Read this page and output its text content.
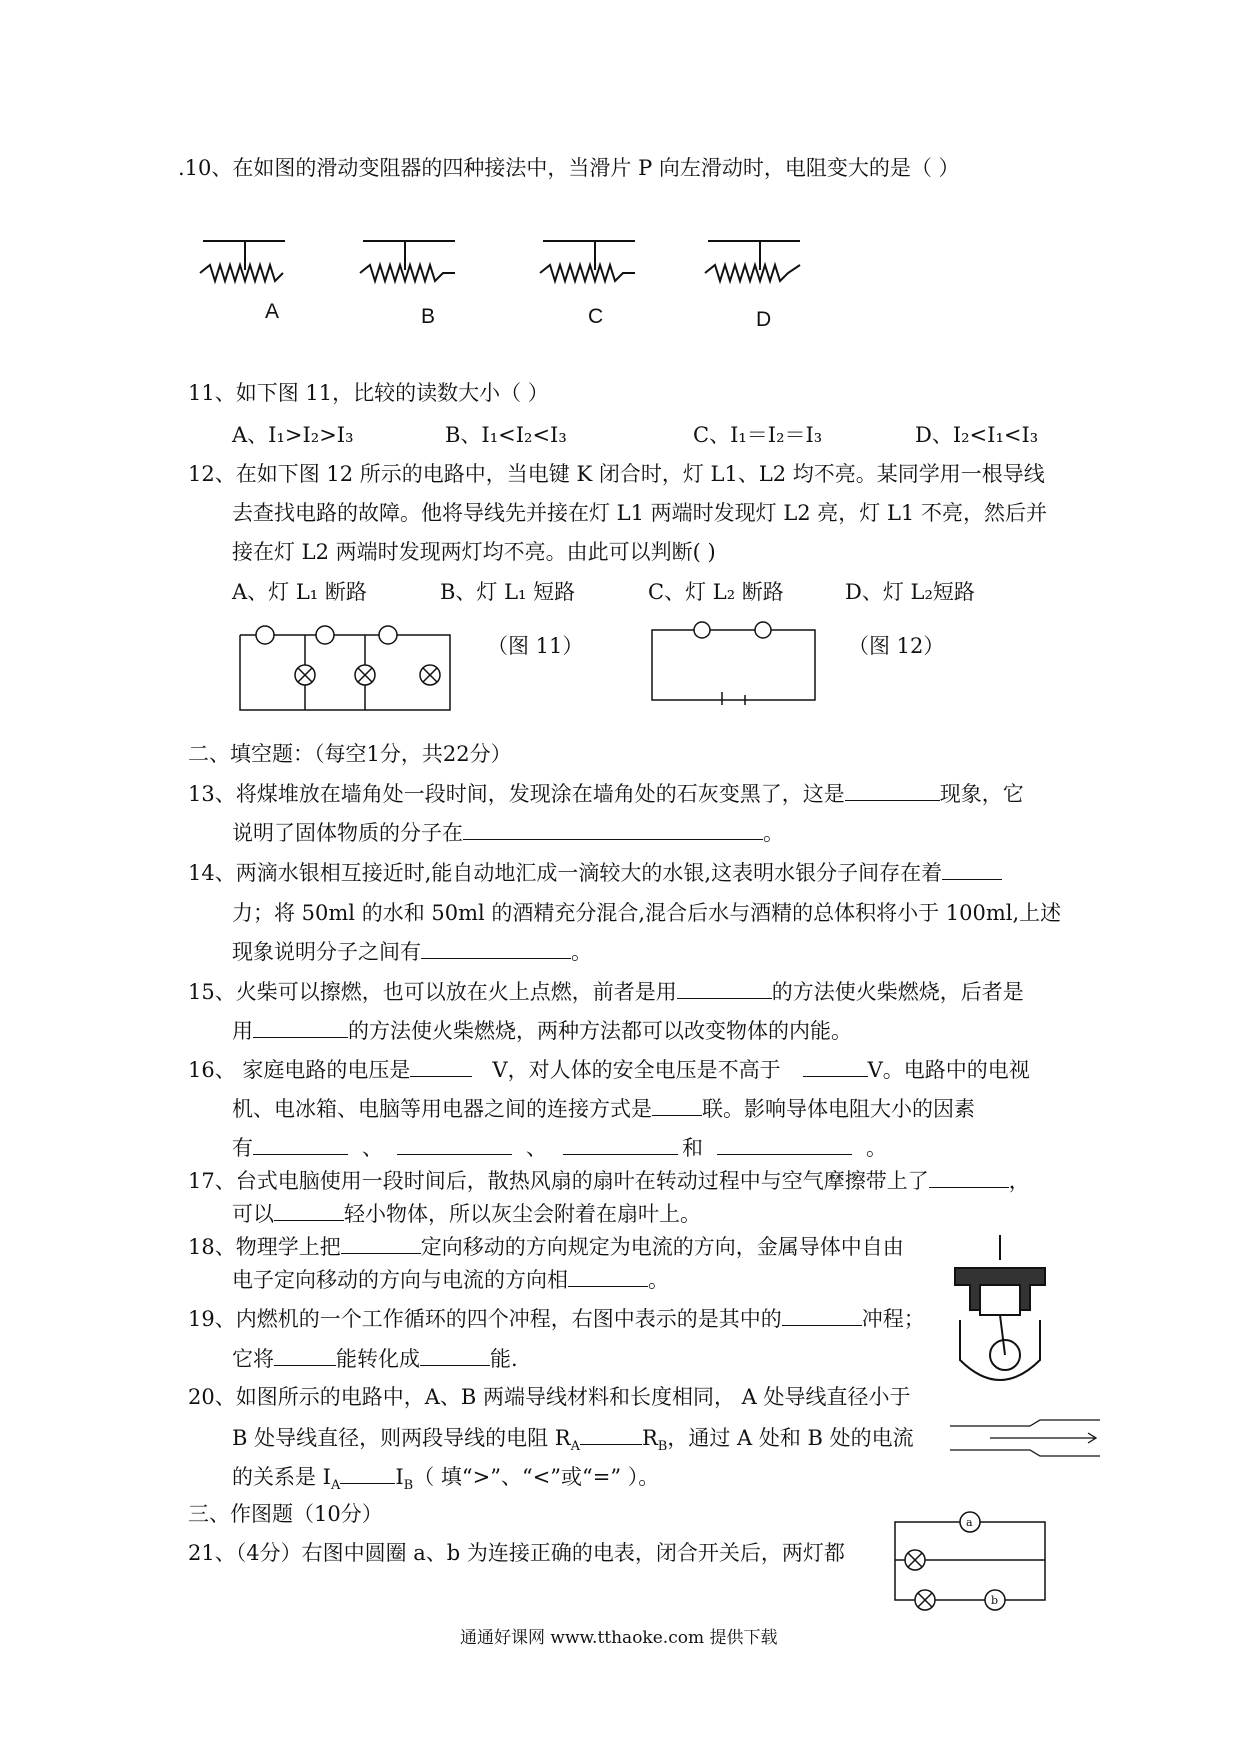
.10、在如图的滑动变阻器的四种接法中，当滑片 P 向左滑动时，电阻变大的是（ ）
A	B	C	D
11、如下图 11，比较的读数大小（ ）
A、I₁>I₂>I₃	B、I₁<I₂<I₃	C、I₁＝I₂＝I₃	D、I₂<I₁<I₃
12、在如下图 12 所示的电路中，当电键 K 闭合时，灯 L1、L2 均不亮。某同学用一根导线
去查找电路的故障。他将导线先并接在灯 L1 两端时发现灯 L2 亮，灯 L1 不亮，然后并
接在灯 L2 两端时发现两灯均不亮。由此可以判断( )
A、灯 L₁ 断路	B、灯 L₁ 短路	C、灯 L₂ 断路	D、灯 L₂短路
（图 11）	（图 12）
二、填空题：（每空1分，共22分）
13、将煤堆放在墙角处一段时间，发现涂在墙角处的石灰变黑了，这是	现象，它
说明了固体物质的分子在	。
14、两滴水银相互接近时,能自动地汇成一滴较大的水银,这表明水银分子间存在着
力；将 50ml 的水和 50ml 的酒精充分混合,混合后水与酒精的总体积将小于 100ml,上述
现象说明分子之间有	。
15、火柴可以擦燃，也可以放在火上点燃，前者是用	的方法使火柴燃烧，后者是
用	的方法使火柴燃烧，两种方法都可以改变物体的内能。
16、 家庭电路的电压是	V，对人体的安全电压是不高于	V。电路中的电视
机、电冰箱、电脑等用电器之间的连接方式是 联。影响导体电阻大小的因素
有	、	、	和	。
17、台式电脑使用一段时间后，散热风扇的扇叶在转动过程中与空气摩擦带上了	，
可以	轻小物体，所以灰尘会附着在扇叶上。
18、物理学上把	定向移动的方向规定为电流的方向，金属导体中自由
电子定向移动的方向与电流的方向相	。
19、内燃机的一个工作循环的四个冲程，右图中表示的是其中的	冲程；
它将	能转化成	能.
20、如图所示的电路中，A、B 两端导线材料和长度相同， A 处导线直径小于
B 处导线直径，则两段导线的电阻 $R_A$	$R_B$，通过 A 处和 B 处的电流
的关系是 $I_A$	$I_B$（ 填“>”、“<”或“=” ）。
三、作图题（10分）
21、（4分）右图中圆圈 a、b 为连接正确的电表，闭合开关后，两灯都
a
b
通通好课网 www.tthaoke.com 提供下载
